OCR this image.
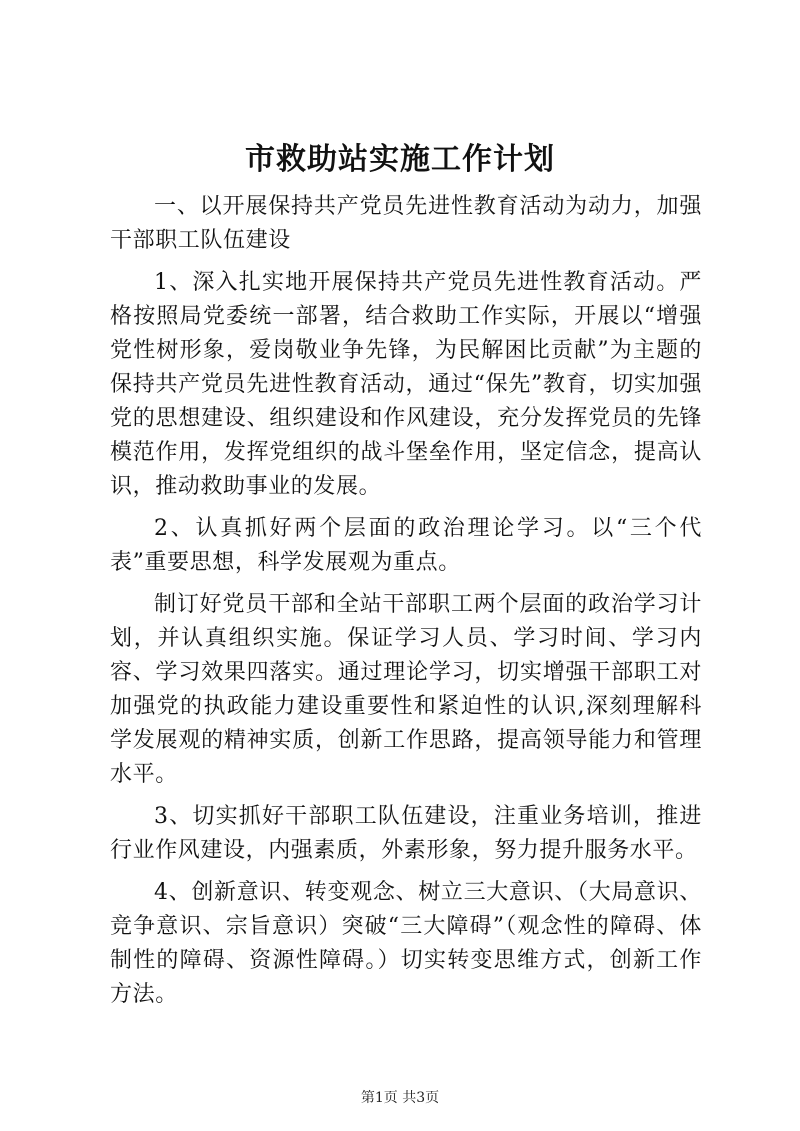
市救助站实施工作计划

一、以开展保持共产党员先进性教育活动为动力，加强干部职工队伍建设

1、深入扎实地开展保持共产党员先进性教育活动。严格按照局党委统一部署，结合救助工作实际，开展以“增强党性树形象，爱岗敬业争先锋，为民解困比贡献”为主题的保持共产党员先进性教育活动，通过“保先”教育，切实加强党的思想建设、组织建设和作风建设，充分发挥党员的先锋模范作用，发挥党组织的战斗堡垒作用，坚定信念，提高认识，推动救助事业的发展。

2、认真抓好两个层面的政治理论学习。以“三个代表”重要思想，科学发展观为重点。

制订好党员干部和全站干部职工两个层面的政治学习计划，并认真组织实施。保证学习人员、学习时间、学习内容、学习效果四落实。通过理论学习，切实增强干部职工对加强党的执政能力建设重要性和紧迫性的认识,深刻理解科学发展观的精神实质，创新工作思路，提高领导能力和管理水平。

3、切实抓好干部职工队伍建设，注重业务培训，推进行业作风建设，内强素质，外素形象，努力提升服务水平。

4、创新意识、转变观念、树立三大意识、（大局意识、竞争意识、宗旨意识）突破“三大障碍”（观念性的障碍、体制性的障碍、资源性障碍。）切实转变思维方式，创新工作方法。

第1页 共3页
